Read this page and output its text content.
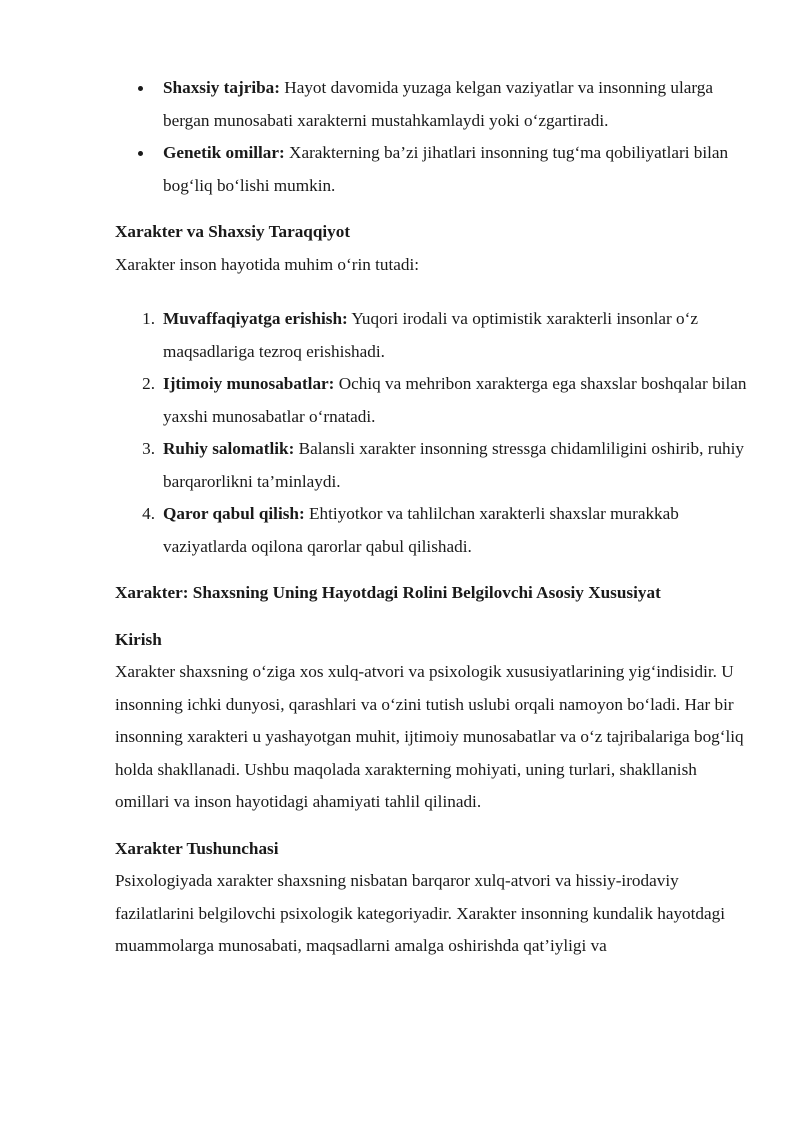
Shaxsiy tajriba: Hayot davomida yuzaga kelgan vaziyatlar va insonning ularga bergan munosabati xarakterni mustahkamlaydi yoki o‘zgartiradi.
Genetik omillar: Xarakterning ba’zi jihatlari insonning tug‘ma qobiliyatlari bilan bog‘liq bo‘lishi mumkin.

Xarakter va Shaxsiy Taraqqiyot

Xarakter inson hayotida muhim o‘rin tutadi:

1. Muvaffaqiyatga erishish: Yuqori irodali va optimistik xarakterli insonlar o‘z maqsadlariga tezroq erishishadi.
2. Ijtimoiy munosabatlar: Ochiq va mehribon xarakterga ega shaxslar boshqalar bilan yaxshi munosabatlar o‘rnatadi.
3. Ruhiy salomatlik: Balansli xarakter insonning stressga chidamliligini oshirib, ruhiy barqarorlikni ta’minlaydi.
4. Qaror qabul qilish: Ehtiyotkor va tahlilchan xarakterli shaxslar murakkab vaziyatlarda oqilona qarorlar qabul qilishadi.

Xarakter: Shaxsning Uning Hayotdagi Rolini Belgilovchi Asosiy Xususiyat

Kirish

Xarakter shaxsning o‘ziga xos xulq-atvori va psixologik xususiyatlarining yig‘indisidir. U insonning ichki dunyosi, qarashlari va o‘zini tutish uslubi orqali namoyon bo‘ladi. Har bir insonning xarakteri u yashayotgan muhit, ijtimoiy munosabatlar va o‘z tajribalariga bog‘liq holda shakllanadi. Ushbu maqolada xarakterning mohiyati, uning turlari, shakllanish omillari va inson hayotidagi ahamiyati tahlil qilinadi.

Xarakter Tushunchasi

Psixologiyada xarakter shaxsning nisbatan barqaror xulq-atvori va hissiy-irodaviy fazilatlarini belgilovchi psixologik kategoriyadir. Xarakter insonning kundalik hayotdagi muammolarga munosabati, maqsadlarni amalga oshirishda qat’iyligi va
